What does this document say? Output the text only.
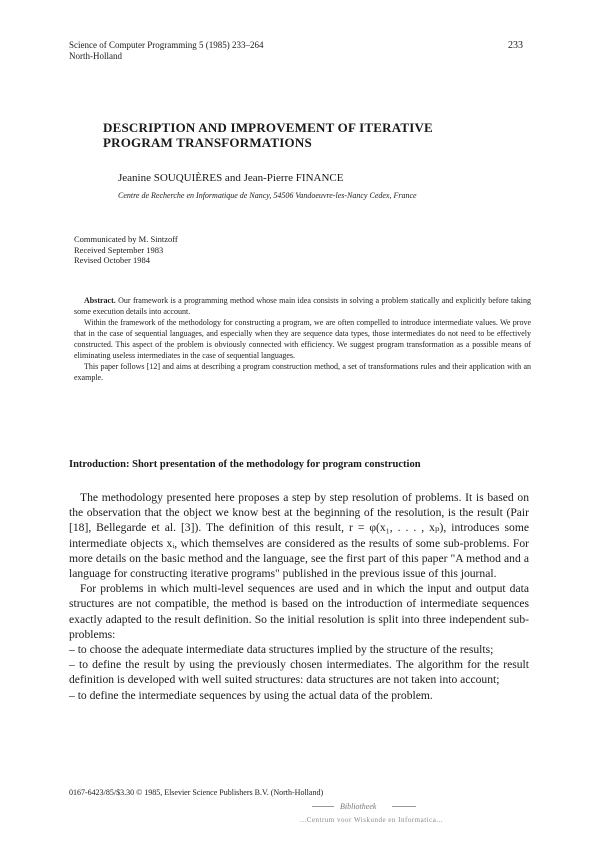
Science of Computer Programming 5 (1985) 233–264
North-Holland
233
DESCRIPTION AND IMPROVEMENT OF ITERATIVE
PROGRAM TRANSFORMATIONS
Jeanine SOUQUIÈRES and Jean-Pierre FINANCE
Centre de Recherche en Informatique de Nancy, 54506 Vandoeuvre-les-Nancy Cedex, France
Communicated by M. Sintzoff
Received September 1983
Revised October 1984

Abstract. Our framework is a programming method whose main idea consists in solving a problem statically and explicitly before taking some execution details into account.

Within the framework of the methodology for constructing a program, we are often compelled to introduce intermediate values. We prove that in the case of sequential languages, and especially when they are sequence data types, those intermediates do not need to be effectively constructed. This aspect of the problem is obviously connected with efficiency. We suggest program transformation as a possible means of eliminating useless intermediates in the case of sequential languages.

This paper follows [12] and aims at describing a program construction method, a set of transformations rules and their application with an example.

Introduction: Short presentation of the methodology for program construction

The methodology presented here proposes a step by step resolution of problems. It is based on the observation that the object we know best at the beginning of the resolution, is the result (Pair [18], Bellegarde et al. [3]). The definition of this result, r = φ(x₁, . . . , xₚ), introduces some intermediate objects xᵢ, which themselves are considered as the results of some sub-problems. For more details on the basic method and the language, see the first part of this paper "A method and a language for constructing iterative programs" published in the previous issue of this journal.

For problems in which multi-level sequences are used and in which the input and output data structures are not compatible, the method is based on the introduction of intermediate sequences exactly adapted to the result definition. So the initial resolution is split into three independent sub-problems:

– to choose the adequate intermediate data structures implied by the structure of the results;

– to define the result by using the previously chosen intermediates. The algorithm for the result definition is developed with well suited structures: data structures are not taken into account;

– to define the intermediate sequences by using the actual data of the problem.

0167-6423/85/$3.30 © 1985, Elsevier Science Publishers B.V. (North-Holland)
Bibliotheek
...Centrum voor Wiskunde en Informatica...
